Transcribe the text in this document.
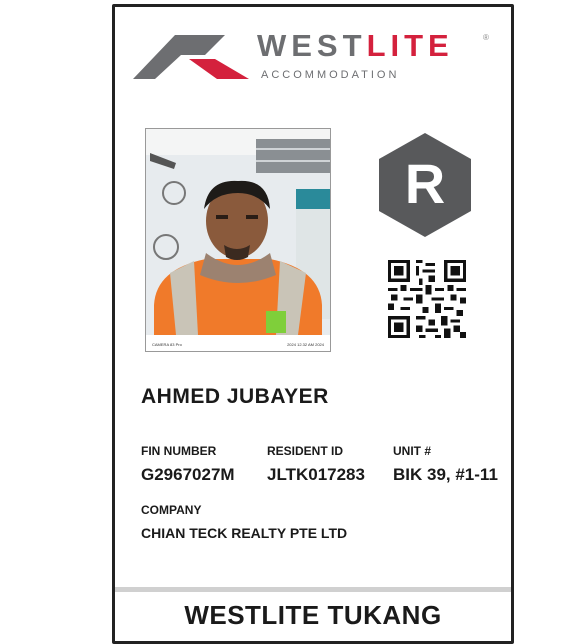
WESTLITE	®
ACCOMMODATION
CAMERA 83 Pro	2024 12.32 AM 2024
R
AHMED JUBAYER
FIN NUMBER
G2967027M
RESIDENT ID
JLTK017283
UNIT #
BIK 39, #1-11
COMPANY
CHIAN TECK REALTY PTE LTD
WESTLITE TUKANG
